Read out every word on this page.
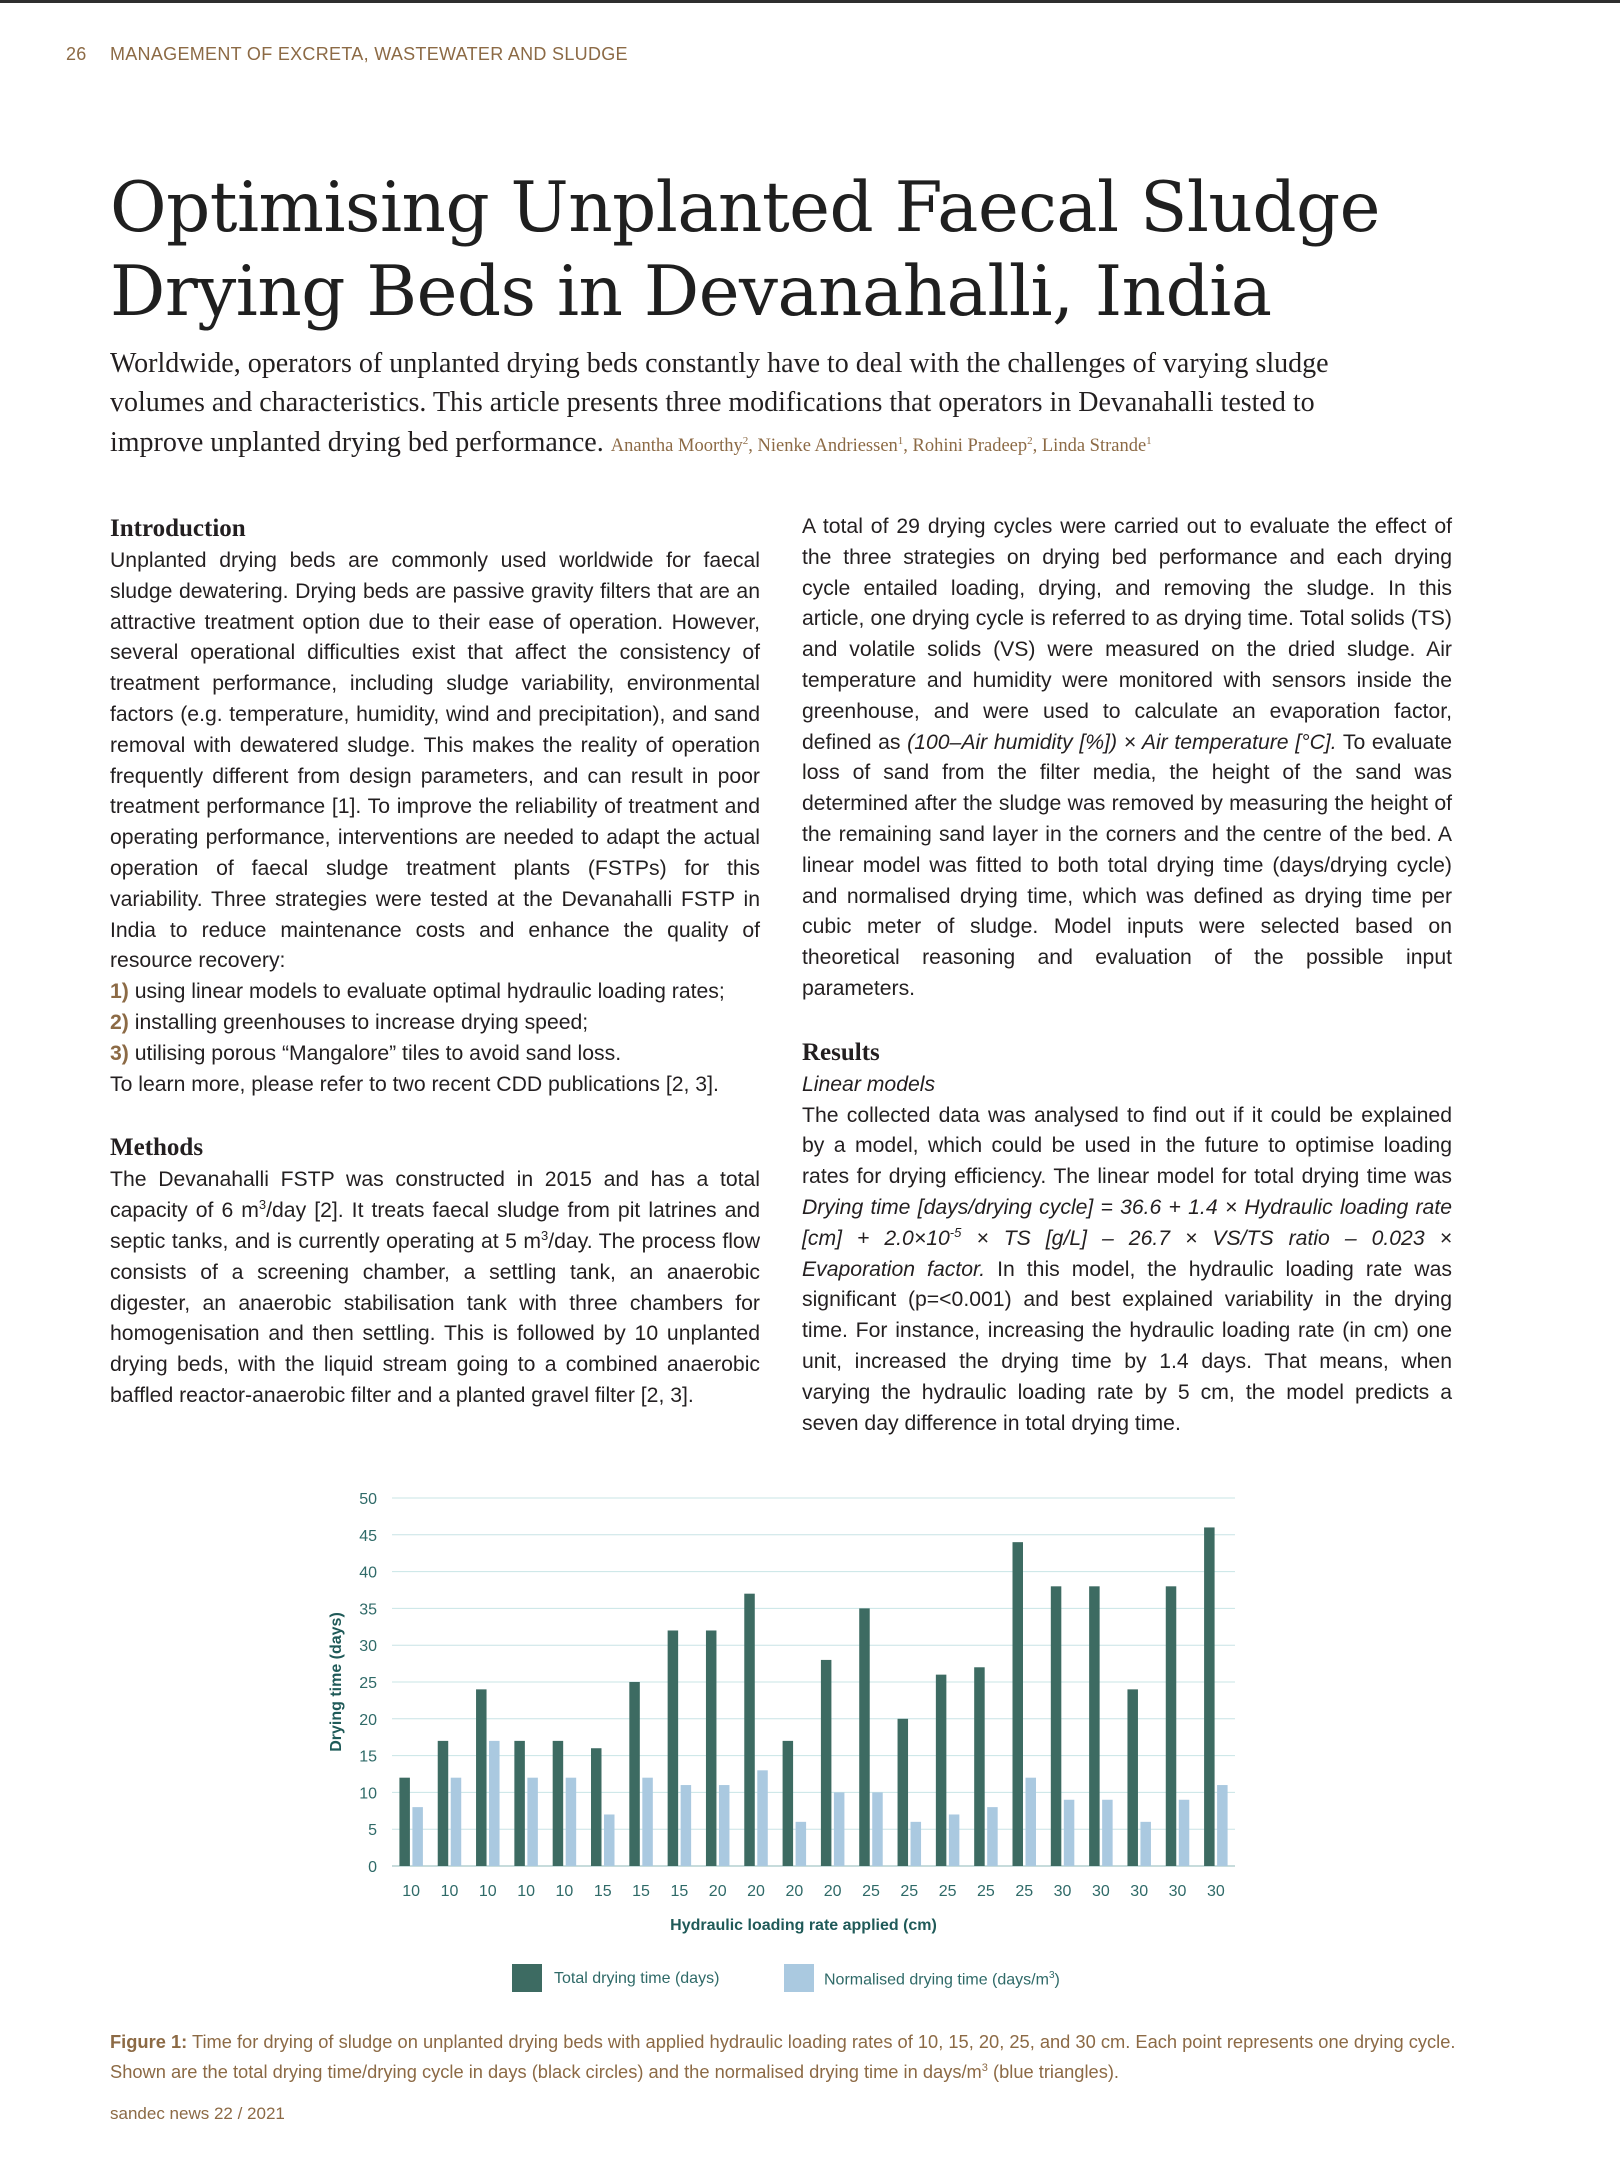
26 MANAGEMENT OF EXCRETA, WASTEWATER AND SLUDGE
Optimising Unplanted Faecal Sludge
Drying Beds in Devanahalli, India
Worldwide, operators of unplanted drying beds constantly have to deal with the challenges of varying sludge volumes and characteristics. This article presents three modifications that operators in Devanahalli tested to improve unplanted drying bed performance. Anantha Moorthy$^2$, Nienke Andriessen$^1$, Rohini Pradeep$^2$, Linda Strande$^1$
Introduction

Unplanted drying beds are commonly used worldwide for faecal sludge dewatering. Drying beds are passive gravity filters that are an attractive treatment option due to their ease of operation. However, several operational difficulties exist that affect the consistency of treatment performance, including sludge variability, environmental factors (e.g. temperature, humidity, wind and precipitation), and sand removal with dewatered sludge. This makes the reality of operation frequently different from design parameters, and can result in poor treatment performance [1]. To improve the reliability of treatment and operating performance, interventions are needed to adapt the actual operation of faecal sludge treatment plants (FSTPs) for this variability. Three strategies were tested at the Devanahalli FSTP in India to reduce maintenance costs and enhance the quality of resource recovery:

1) using linear models to evaluate optimal hydraulic loading rates;

2) installing greenhouses to increase drying speed;

3) utilising porous “Mangalore” tiles to avoid sand loss.

To learn more, please refer to two recent CDD publications [2, 3].

Methods

The Devanahalli FSTP was constructed in 2015 and has a total capacity of 6 $m^3$/day [2]. It treats faecal sludge from pit latrines and septic tanks, and is currently operating at 5 $m^3$/day. The process flow consists of a screening chamber, a settling tank, an anaerobic digester, an anaerobic stabilisation tank with three chambers for homogenisation and then settling. This is followed by 10 unplanted drying beds, with the liquid stream going to a combined anaerobic baffled reactor-anaerobic filter and a planted gravel filter [2, 3].

A total of 29 drying cycles were carried out to evaluate the effect of the three strategies on drying bed performance and each drying cycle entailed loading, drying, and removing the sludge. In this article, one drying cycle is referred to as drying time. Total solids (TS) and volatile solids (VS) were measured on the dried sludge. Air temperature and humidity were monitored with sensors inside the greenhouse, and were used to calculate an evaporation factor, defined as (100–Air humidity [%]) × Air temperature [°C]. To evaluate loss of sand from the filter media, the height of the sand was determined after the sludge was removed by measuring the height of the remaining sand layer in the corners and the centre of the bed. A linear model was fitted to both total drying time (days/drying cycle) and normalised drying time, which was defined as drying time per cubic meter of sludge. Model inputs were selected based on theoretical reasoning and evaluation of the possible input parameters.

Results

Linear models

The collected data was analysed to find out if it could be explained by a model, which could be used in the future to optimise loading rates for drying efficiency. The linear model for total drying time was Drying time [days/drying cycle] = 36.6 + 1.4 × Hydraulic loading rate $[cm] + 2.0\times 10^{-5}$ × TS [g/L] – 26.7 × VS/TS ratio – 0.023 × Evaporation factor. In this model, the hydraulic loading rate was significant (p=<0.001) and best explained variability in the drying time. For instance, increasing the hydraulic loading rate (in cm) one unit, increased the drying time by 1.4 days. That means, when varying the hydraulic loading rate by 5 cm, the model predicts a seven day difference in total drying time.

0
5
10
15
20
25
30
35
40
45
50
Drying time (days)
10 10 10 10 10 15 15 15 20 20 20 20 25 25 25 25 25 30 30 30 30 30
Hydraulic loading rate applied (cm)
Total drying time (days)	Normalised drying time $(days/m^3)$
Figure 1: Time for drying of sludge on unplanted drying beds with applied hydraulic loading rates of 10, 15, 20, 25, and 30 cm. Each point represents one drying cycle. Shown are the total drying time/drying cycle in days (black circles) and the normalised drying time in days/$m^3$ (blue triangles).
sandec news 22 / 2021
